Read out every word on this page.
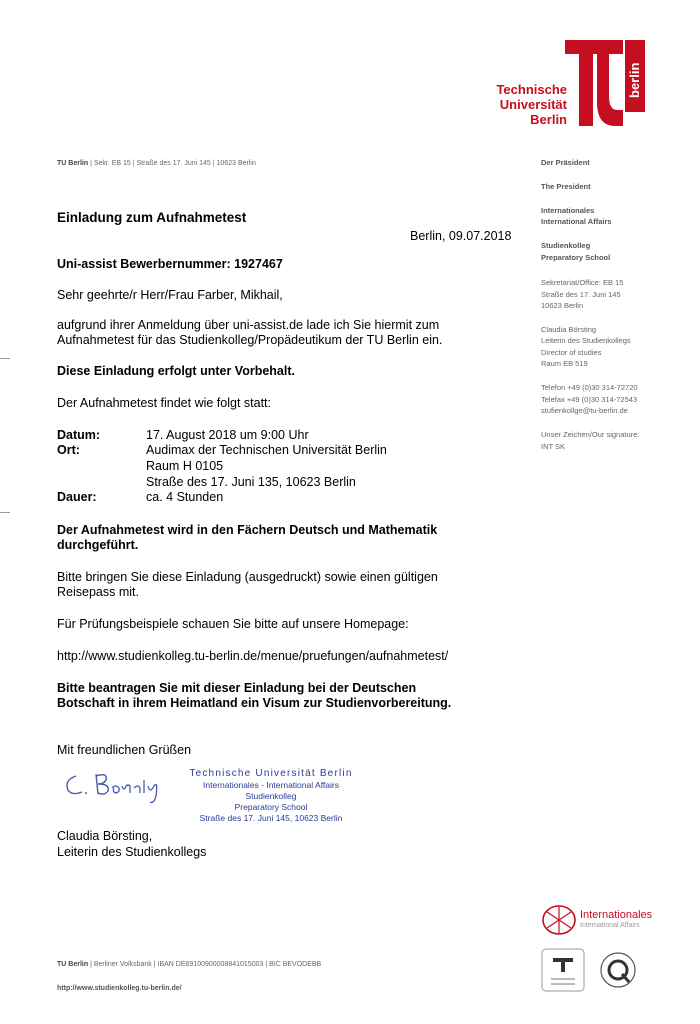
Technische
Universität
Berlin
berlin
TU Berlin | Sekr. EB 15 | Straße des 17. Juni 145 | 10623 Berlin	Der Präsident
The President
Internationales
International Affairs
Studienkolleg
Preparatory School
Sekretariat/Office: EB 15
Straße des 17. Juni 145
10623 Berlin
Claudia Börsting
Leiterin des Studienkollegs
Director of studies
Raum EB 519
Telefon +49 (0)30 314-72720
Telefax +49 (0)30 314-72543
stufienkollge@tu-berlin.de
Unser Zeichen/Our signature:
INT SK
Einladung zum Aufnahmetest
Berlin, 09.07.2018
Uni-assist Bewerbernummer: 1927467
Sehr geehrte/r Herr/Frau Farber, Mikhail,
aufgrund ihrer Anmeldung über uni-assist.de lade ich Sie hiermit zum
Aufnahmetest für das Studienkolleg/Propädeutikum der TU Berlin ein.
Diese Einladung erfolgt unter Vorbehalt.
Der Aufnahmetest findet wie folgt statt:
Datum:	17. August 2018 um 9:00 Uhr
Ort:	Audimax der Technischen Universität Berlin
Raum H 0105
Straße des 17. Juni 135, 10623 Berlin
Dauer:	ca. 4 Stunden
Der Aufnahmetest wird in den Fächern Deutsch und Mathematik
durchgeführt.
Bitte bringen Sie diese Einladung (ausgedruckt) sowie einen gültigen
Reisepass mit.
Für Prüfungsbeispiele schauen Sie bitte auf unsere Homepage:
http://www.studienkolleg.tu-berlin.de/menue/pruefungen/aufnahmetest/
Bitte beantragen Sie mit dieser Einladung bei der Deutschen
Botschaft in ihrem Heimatland ein Visum zur Studienvorbereitung.
Mit freundlichen Grüßen
Technische Universität Berlin
Internationales - International Affairs
Studienkolleg
Preparatory School
Straße des 17. Juni 145, 10623 Berlin
Claudia Börsting,
Leiterin des Studienkollegs
Internationales
International Affairs
TU Berlin | Berliner Volksbank | IBAN DE69100900008841015003 | BIC BEVODEBB
http://www.studienkolleg.tu-berlin.de/
